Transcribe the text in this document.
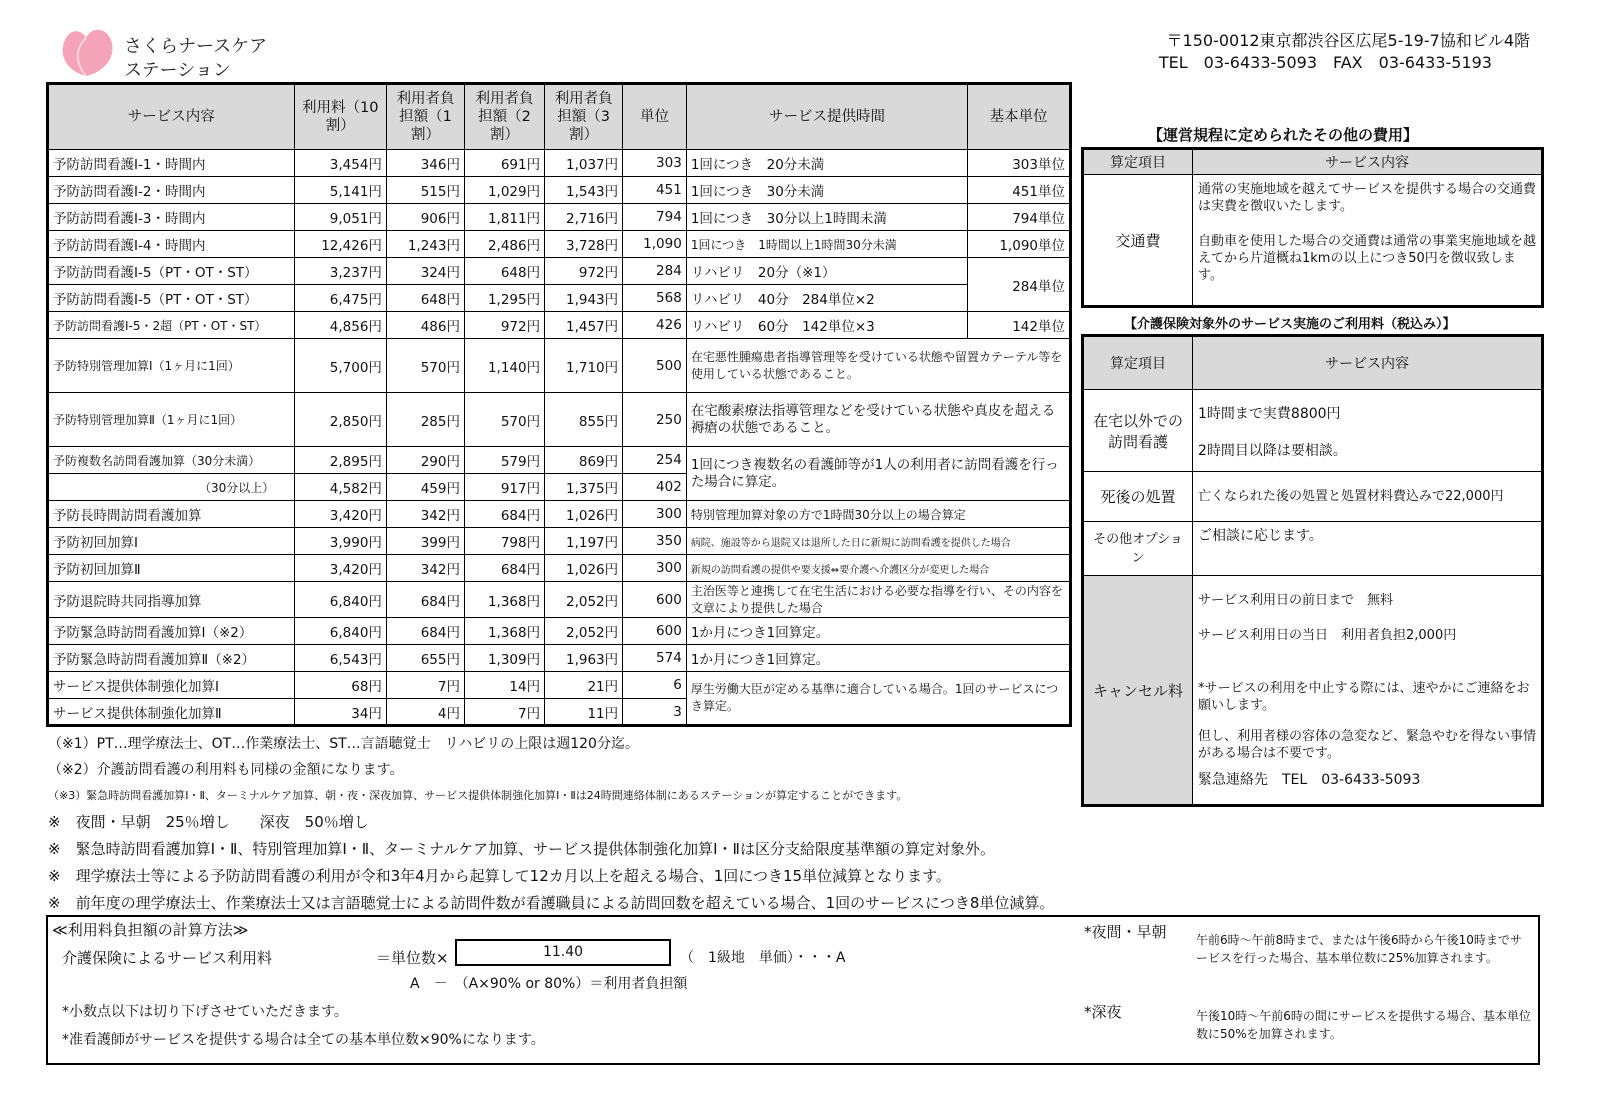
さくらナースケア
ステーション
〒150-0012東京都渋谷区広尾5-19-7協和ビル4階
TEL　03-6433-5093　FAX　03-6433-5193
サービス内容	利用料（10割）	利用者負担額（1割）	利用者負担額（2割）	利用者負担額（3割）	単位	サービス提供時間	基本単位
予防訪問看護Ⅰ-1・時間内	3,454円	346円	691円	1,037円	303	1回につき　20分未満	303単位
予防訪問看護Ⅰ-2・時間内	5,141円	515円	1,029円	1,543円	451	1回につき　30分未満	451単位
予防訪問看護Ⅰ-3・時間内	9,051円	906円	1,811円	2,716円	794	1回につき　30分以上1時間未満	794単位
予防訪問看護Ⅰ-4・時間内	12,426円	1,243円	2,486円	3,728円	1,090	1回につき　1時間以上1時間30分未満	1,090単位
予防訪問看護Ⅰ-5（PT・OT・ST）	3,237円	324円	648円	972円	284	リハビリ　20分（※1）	284単位
予防訪問看護Ⅰ-5（PT・OT・ST）	6,475円	648円	1,295円	1,943円	568	リハビリ　40分　284単位×2	
予防訪問看護Ⅰ-5・2超（PT・OT・ST）	4,856円	486円	972円	1,457円	426	リハビリ　60分　142単位×3	142単位
予防特別管理加算Ⅰ（1ヶ月に1回）	5,700円	570円	1,140円	1,710円	500	在宅悪性腫瘍患者指導管理等を受けている状態や留置カテーテル等を使用している状態であること。	
予防特別管理加算Ⅱ（1ヶ月に1回）	2,850円	285円	570円	855円	250	在宅酸素療法指導管理などを受けている状態や真皮を超える褥瘡の状態であること。	
予防複数名訪問看護加算（30分未満）	2,895円	290円	579円	869円	254	1回につき複数名の看護師等が1人の利用者に訪問看護を行った場合に算定。	
（30分以上）	4,582円	459円	917円	1,375円	402		
予防長時間訪問看護加算	3,420円	342円	684円	1,026円	300	特別管理加算対象の方で1時間30分以上の場合算定	
予防初回加算Ⅰ	3,990円	399円	798円	1,197円	350	病院、施設等から退院又は退所した日に新規に訪問看護を提供した場合	
予防初回加算Ⅱ	3,420円	342円	684円	1,026円	300	新規の訪問看護の提供や要支援⇔要介護へ介護区分が変更した場合	
予防退院時共同指導加算	6,840円	684円	1,368円	2,052円	600	主治医等と連携して在宅生活における必要な指導を行い、その内容を文章により提供した場合	
予防緊急時訪問看護加算Ⅰ（※2）	6,840円	684円	1,368円	2,052円	600	1か月につき1回算定。	
予防緊急時訪問看護加算Ⅱ（※2）	6,543円	655円	1,309円	1,963円	574	1か月につき1回算定。	
サービス提供体制強化加算Ⅰ	68円	7円	14円	21円	6	厚生労働大臣が定める基準に適合している場合。1回のサービスにつき算定。	
サービス提供体制強化加算Ⅱ	34円	4円	7円	11円	3		
【運営規程に定められたその他の費用】
算定項目	サービス内容
交通費	通常の実施地域を越えてサービスを提供する場合の交通費は実費を徴収いたします。

自動車を使用した場合の交通費は通常の事業実施地域を越えてから片道概ね1kmの以上につき50円を徴収致します。

【介護保険対象外のサービス実施のご利用料（税込み）】
算定項目	サービス内容
在宅以外での訪問看護	1時間まで実費8800円

2時間目以降は要相談。

死後の処置	亡くなられた後の処置と処置材料費込みで22,000円
その他オプション	ご相談に応じます。
キャンセル料	サービス利用日の前日まで　無料

サービス利用日の当日　利用者負担2,000円

*サービスの利用を中止する際には、速やかにご連絡をお願いします。

但し、利用者様の容体の急変など、緊急やむを得ない事情がある場合は不要です。

緊急連絡先　TEL　03-6433-5093

（※1）PT…理学療法士、OT…作業療法士、ST…言語聴覚士　リハビリの上限は週120分迄。
（※2）介護訪問看護の利用料も同様の金額になります。
（※3）緊急時訪問看護加算Ⅰ・Ⅱ、ターミナルケア加算、朝・夜・深夜加算、サービス提供体制強化加算Ⅰ・Ⅱは24時間連絡体制にあるステーションが算定することができます。
※　夜間・早朝　25％増し　　深夜　50％増し
※　緊急時訪問看護加算Ⅰ・Ⅱ、特別管理加算Ⅰ・Ⅱ、ターミナルケア加算、サービス提供体制強化加算Ⅰ・Ⅱは区分支給限度基準額の算定対象外。
※　理学療法士等による予防訪問看護の利用が令和3年4月から起算して12カ月以上を超える場合、1回につき15単位減算となります。
※　前年度の理学療法士、作業療法士又は言語聴覚士による訪問件数が看護職員による訪問回数を超えている場合、1回のサービスにつき8単位減算。
≪利用料負担額の計算方法≫
介護保険によるサービス利用料	＝単位数×	（　1級地　単価）・・・A
A　－　（A×90% or 80%）＝利用者負担額
*小数点以下は切り下げさせていただきます。
*准看護師がサービスを提供する場合は全ての基本単位数×90%になります。
*夜間・早朝 午前6時～午前8時まで、または午後6時から午後10時までサービスを行った場合、基本単位数に25%加算されます。
*深夜	午後10時～午前6時の間にサービスを提供する場合、基本単位数に50%を加算されます。
11.40
